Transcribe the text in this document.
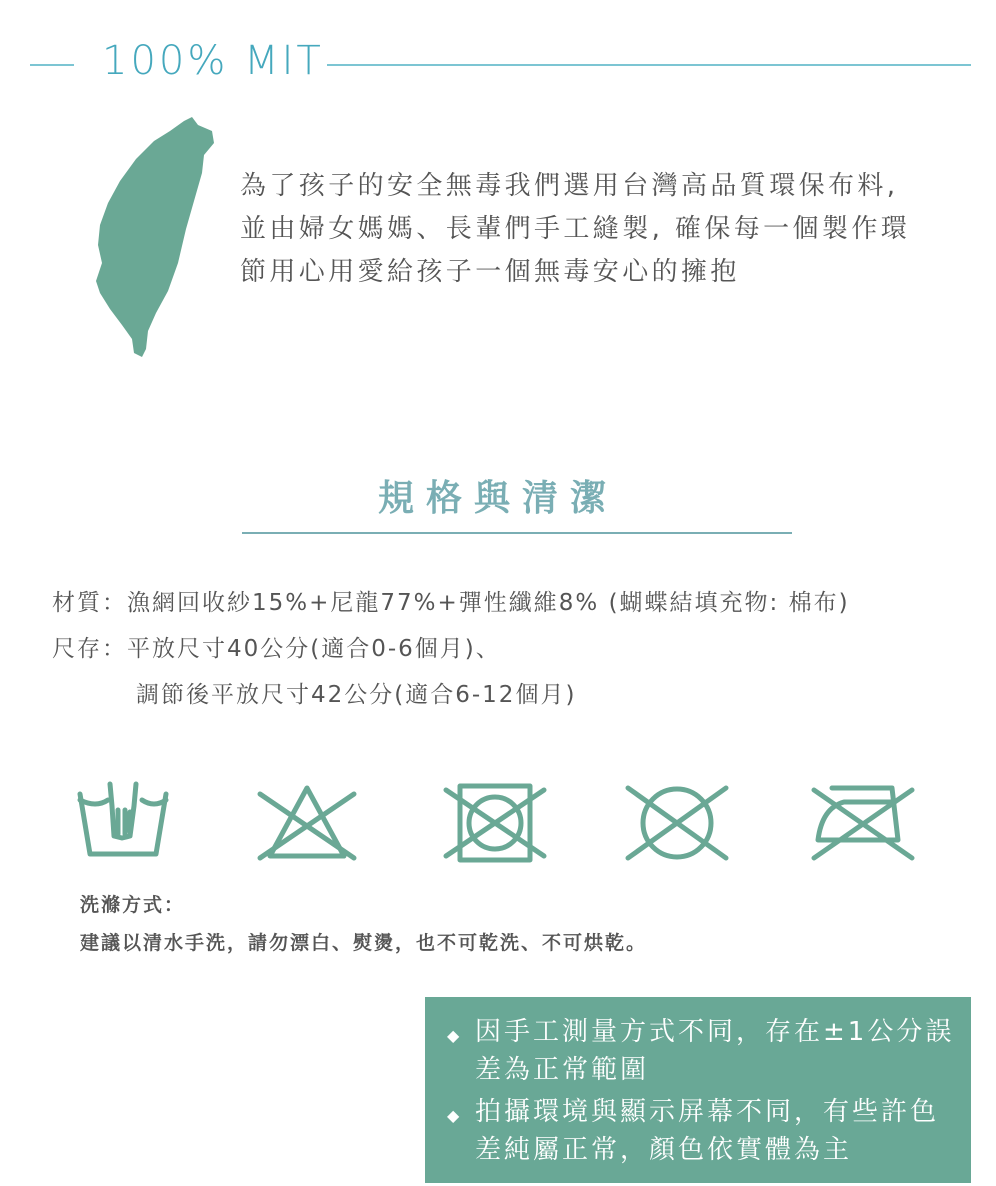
100% MIT
為了孩子的安全無毒我們選用台灣高品質環保布料,
並由婦女媽媽、長輩們手工縫製, 確保每一個製作環
節用心用愛給孩子一個無毒安心的擁抱
規格與清潔
材質：漁網回收紗15%+尼龍77%+彈性纖維8% (蝴蝶結填充物: 棉布)
尺存：平放尺寸40公分(適合0-6個月)、
調節後平放尺寸42公分(適合6-12個月)
洗滌方式：
建議以清水手洗，請勿漂白、熨燙，也不可乾洗、不可烘乾。
◆ 因手工測量方式不同，存在±1公分誤
差為正常範圍
◆ 拍攝環境與顯示屏幕不同，有些許色
差純屬正常，顏色依實體為主
